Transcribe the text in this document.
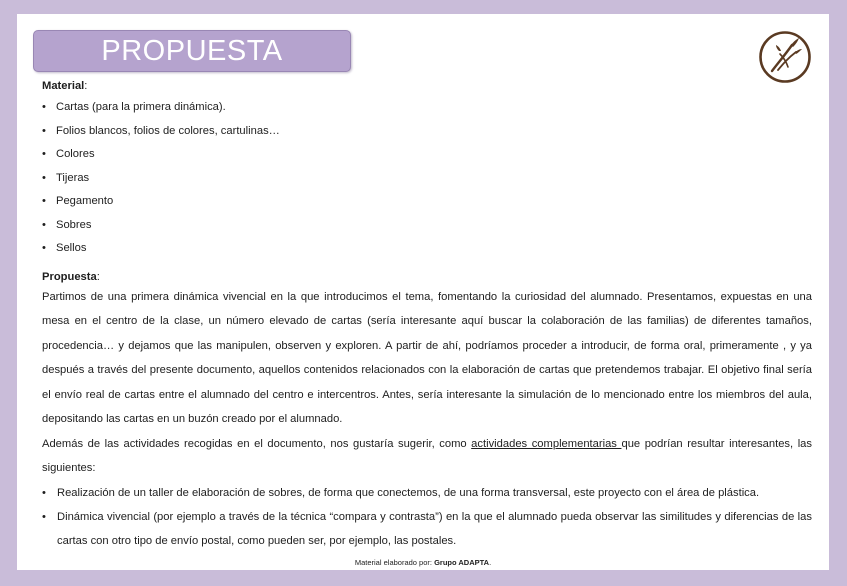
PROPUESTA
Material:
• Cartas (para la primera dinámica).
• Folios blancos, folios de colores, cartulinas…
• Colores
• Tijeras
• Pegamento
• Sobres
• Sellos
Propuesta:

Partimos de una primera dinámica vivencial en la que introducimos el tema, fomentando la curiosidad del alumnado. Presentamos, expuestas en una mesa en el centro de la clase, un número elevado de cartas (sería interesante aquí buscar la colaboración de las familias) de diferentes tamaños, procedencia… y dejamos que las manipulen, observen y exploren. A partir de ahí, podríamos proceder a introducir, de forma oral, primeramente , y ya después a través del presente documento, aquellos contenidos relacionados con la elaboración de cartas que pretendemos trabajar. El objetivo final sería el envío real de cartas entre el alumnado del centro e intercentros. Antes, sería interesante la simulación de lo mencionado entre los miembros del aula, depositando las cartas en un buzón creado por el alumnado.

Además de las actividades recogidas en el documento, nos gustaría sugerir, como actividades complementarias que podrían resultar interesantes, las siguientes:

• Realización de un taller de elaboración de sobres, de forma que conectemos, de una forma transversal, este proyecto con el área de plástica.
• Dinámica vivencial (por ejemplo a través de la técnica “compara y contrasta”) en la que el alumnado pueda observar las similitudes y diferencias de las cartas con otro tipo de envío postal, como pueden ser, por ejemplo, las postales.
Material elaborado por: Grupo ADAPTA.
